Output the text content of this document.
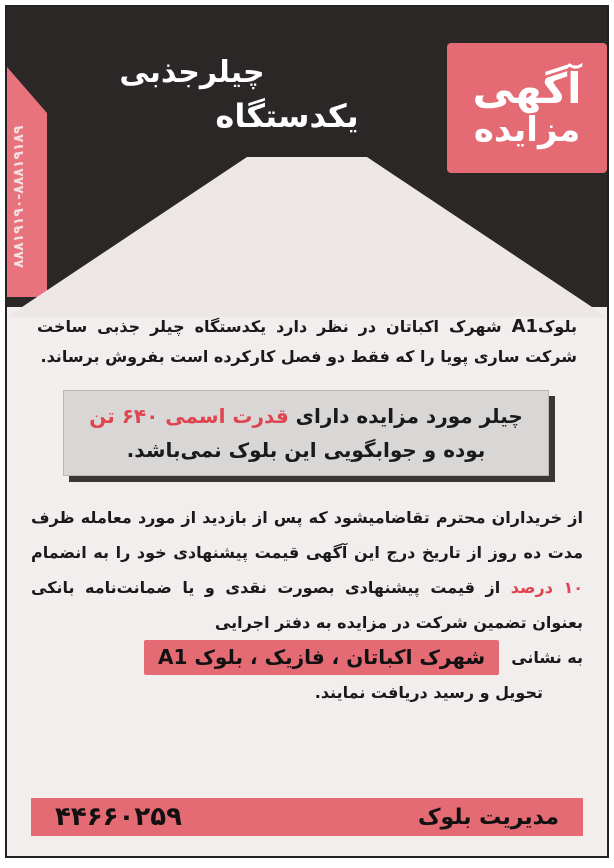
۸۸۸۱۹۱۹۰-۸۸۸۱۹۱۸۹
آگهی
مزایده
چیلرجذبی
یکدستگاه

بلوکA1 شهرک اکباتان در نظر دارد یکدستگاه چیلر جذبی ساخت شرکت ساری پویا را که فقط دو فصل کارکرده است بفروش برساند.

چیلر مورد مزایده دارای قدرت اسمی ۶۴۰ تن
بوده و جوابگویی این بلوک نمی‌باشد.

از خریداران محترم تقاضامیشود که پس از بازدید از مورد معامله ظرف مدت ده روز از تاریخ درج این آگهی قیمت پیشنهادی خود را به انضمام ۱۰ درصد از قیمت پیشنهادی بصورت نقدی و یا ضمانت‌نامه بانکی بعنوان تضمین شرکت در مزایده به دفتر اجرایی

به نشانی
شهرک اکباتان ، فازیک ، بلوک A1

تحویل و رسید دریافت نمایند.

مدیریت بلوک
۴۴۶۶۰۲۵۹
